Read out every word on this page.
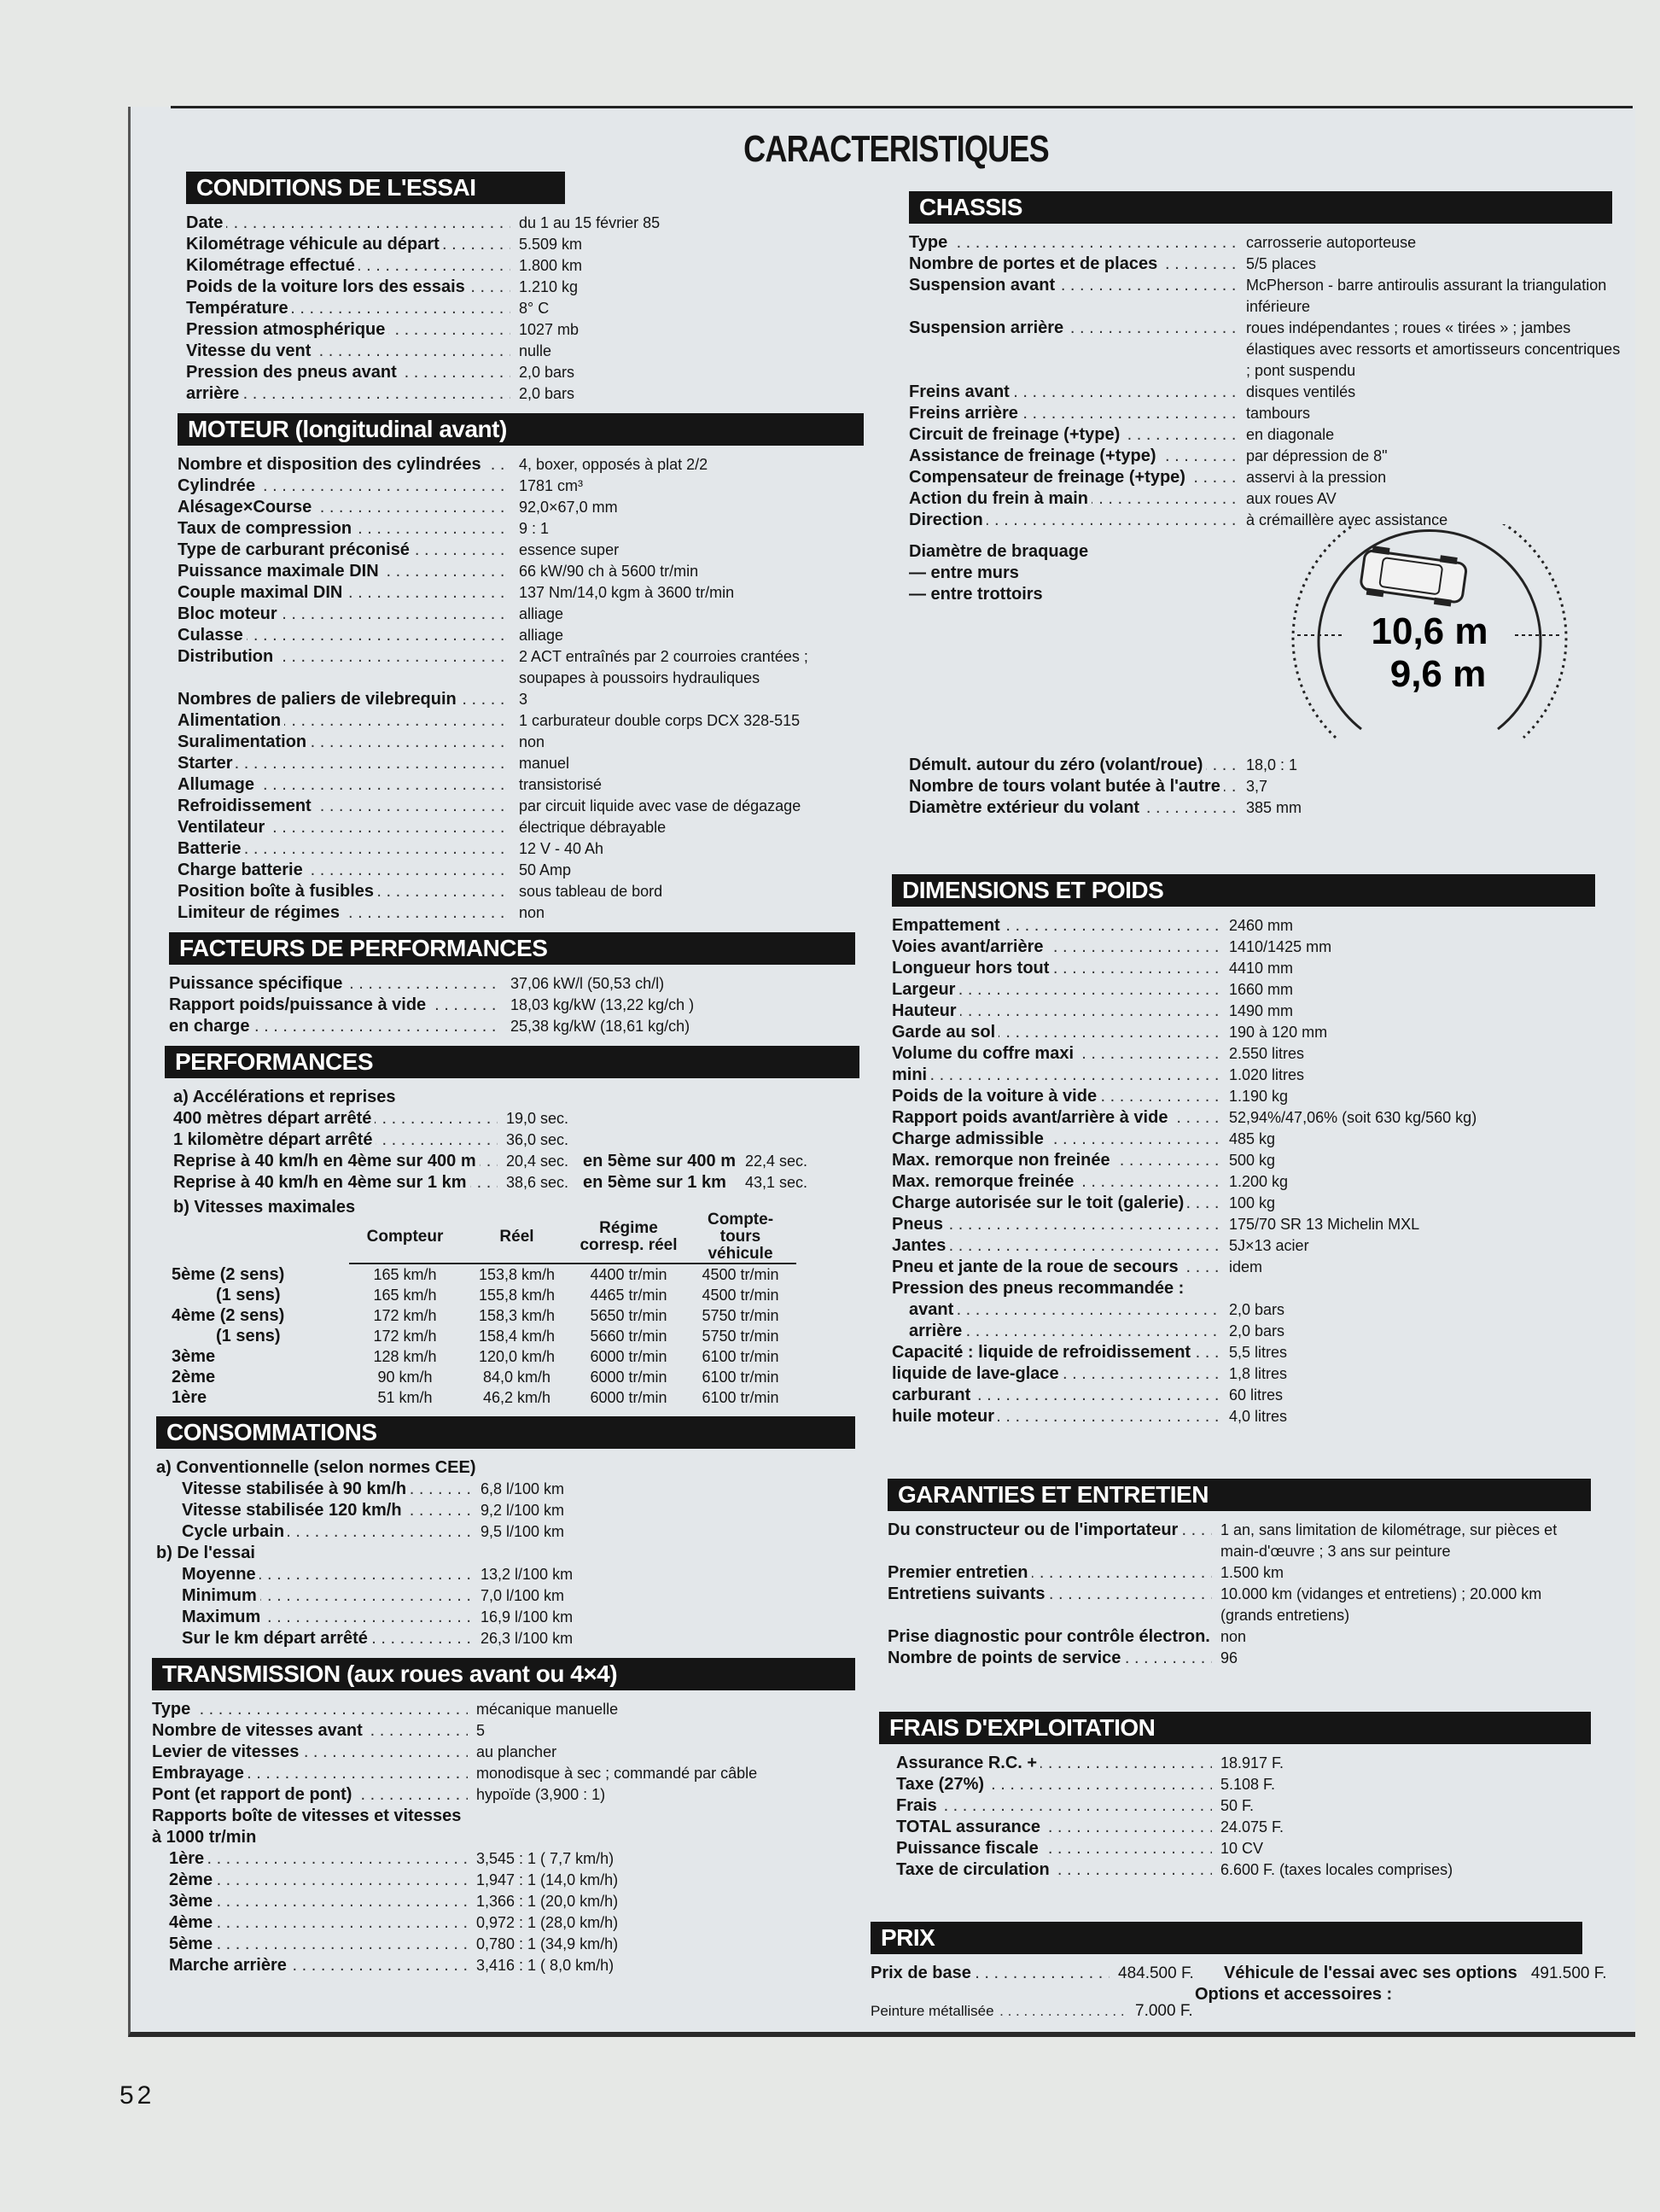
CARACTERISTIQUES
CONDITIONS DE L'ESSAI
Date . . .	du 1 au 15 février 85
Kilométrage véhicule au départ . . .	5.509 km
Kilométrage effectué . . .	1.800 km
Poids de la voiture lors des essais . . .	1.210 kg
Température . . .	8° C
Pression atmosphérique . . .	1027 mb
Vitesse du vent . . .	nulle
Pression des pneus avant . . .	2,0 bars
arrière . . .	2,0 bars
MOTEUR (longitudinal avant)
Nombre et disposition des cylindrées . . .	4, boxer, opposés à plat 2/2
Cylindrée . . .	1781 cm³
Alésage×Course . . .	92,0×67,0 mm
Taux de compression . . .	9 : 1
Type de carburant préconisé . . .	essence super
Puissance maximale DIN . . .	66 kW/90 ch à 5600 tr/min
Couple maximal DIN . . .	137 Nm/14,0 kgm à 3600 tr/min
Bloc moteur . . .	alliage
Culasse . . .	alliage
Distribution . . .	2 ACT entraînés par 2 courroies crantées ; soupapes à poussoirs hydrauliques
Nombres de paliers de vilebrequin . . .	3
Alimentation . . .	1 carburateur double corps DCX 328-515
Suralimentation . . .	non
Starter . . .	manuel
Allumage . . .	transistorisé
Refroidissement . . .	par circuit liquide avec vase de dégazage
Ventilateur . . .	électrique débrayable
Batterie . . .	12 V - 40 Ah
Charge batterie . . .	50 Amp
Position boîte à fusibles . . .	sous tableau de bord
Limiteur de régimes . . .	non
FACTEURS DE PERFORMANCES
Puissance spécifique . . .	37,06 kW/l (50,53 ch/l)
Rapport poids/puissance à vide . . .	18,03 kg/kW (13,22 kg/ch )
en charge . . .	25,38 kg/kW (18,61 kg/ch)
PERFORMANCES
a) Accélérations et reprises
400 mètres départ arrêté . . .	19,0 sec.
1 kilomètre départ arrêté . . .	36,0 sec.
Reprise à 40 km/h en 4ème sur 400 m . . .	20,4 sec. en 5ème sur 400 m 22,4 sec.
Reprise à 40 km/h en 4ème sur 1 km . . .	38,6 sec. en 5ème sur 1 km	43,1 sec.
b) Vitesses maximales
	Compteur	Réel	Régime corresp. réel	Compte-tours véhicule
5ème (2 sens)	165 km/h	153,8 km/h	4400 tr/min	4500 tr/min
(1 sens)	165 km/h	155,8 km/h	4465 tr/min	4500 tr/min
4ème (2 sens)	172 km/h	158,3 km/h	5650 tr/min	5750 tr/min
(1 sens)	172 km/h	158,4 km/h	5660 tr/min	5750 tr/min
3ème	128 km/h	120,0 km/h	6000 tr/min	6100 tr/min
2ème	90 km/h	84,0 km/h	6000 tr/min	6100 tr/min
1ère	51 km/h	46,2 km/h	6000 tr/min	6100 tr/min
CONSOMMATIONS
a) Conventionnelle (selon normes CEE)
Vitesse stabilisée à 90 km/h . . .	6,8 l/100 km
Vitesse stabilisée 120 km/h . . .	9,2 l/100 km
Cycle urbain . . .	9,5 l/100 km
b) De l'essai
Moyenne . . .	13,2 l/100 km
Minimum . . .	7,0 l/100 km
Maximum . . .	16,9 l/100 km
Sur le km départ arrêté . . .	26,3 l/100 km
TRANSMISSION (aux roues avant ou 4×4)
Type . . .	mécanique manuelle
Nombre de vitesses avant . . .	5
Levier de vitesses . . .	au plancher
Embrayage . . .	monodisque à sec ; commandé par câble
Pont (et rapport de pont) . . .	hypoïde (3,900 : 1)
Rapports boîte de vitesses et vitesses à 1000 tr/min
1ère . . .	3,545 : 1 ( 7,7 km/h)
2ème . . .	1,947 : 1 (14,0 km/h)
3ème . . .	1,366 : 1 (20,0 km/h)
4ème . . .	0,972 : 1 (28,0 km/h)
5ème . . .	0,780 : 1 (34,9 km/h)
Marche arrière . . .	3,416 : 1 ( 8,0 km/h)
CHASSIS
Type . . .	carrosserie autoporteuse
Nombre de portes et de places . . .	5/5 places
Suspension avant . . .	McPherson - barre antiroulis assurant la triangulation inférieure
Suspension arrière . . .	roues indépendantes ; roues « tirées » ; jambes élastiques avec ressorts et amortisseurs concentriques ; pont suspendu
Freins avant . . .	disques ventilés
Freins arrière . . .	tambours
Circuit de freinage (+type) . . .	en diagonale
Assistance de freinage (+type) . . .	par dépression de 8"
Compensateur de freinage (+type) . . .	asservi à la pression
Action du frein à main . . .	aux roues AV
Direction . . .	à crémaillère avec assistance
Diamètre de braquage
— entre murs
— entre trottoirs
10,6 m
9,6 m
Démult. autour du zéro (volant/roue) . . .	18,0 : 1
Nombre de tours volant butée à l'autre . . .	3,7
Diamètre extérieur du volant . . .	385 mm
DIMENSIONS ET POIDS
Empattement . . .	2460 mm
Voies avant/arrière . . .	1410/1425 mm
Longueur hors tout . . .	4410 mm
Largeur . . .	1660 mm
Hauteur . . .	1490 mm
Garde au sol . . .	190 à 120 mm
Volume du coffre maxi . . .	2.550 litres
mini . . .	1.020 litres
Poids de la voiture à vide . . .	1.190 kg
Rapport poids avant/arrière à vide . . .	52,94%/47,06% (soit 630 kg/560 kg)
Charge admissible . . .	485 kg
Max. remorque non freinée . . .	500 kg
Max. remorque freinée . . .	1.200 kg
Charge autorisée sur le toit (galerie) . . .	100 kg
Pneus . . .	175/70 SR 13 Michelin MXL
Jantes . . .	5J×13 acier
Pneu et jante de la roue de secours . . .	idem
Pression des pneus recommandée :
avant . . .	2,0 bars
arrière . . .	2,0 bars
Capacité : liquide de refroidissement . . .	5,5 litres
liquide de lave-glace . . .	1,8 litres
carburant . . .	60 litres
huile moteur . . .	4,0 litres
GARANTIES ET ENTRETIEN
Du constructeur ou de l'importateur . . .	1 an, sans limitation de kilométrage, sur pièces et main-d'œuvre ; 3 ans sur peinture
Premier entretien . . .	1.500 km
Entretiens suivants . . .	10.000 km (vidanges et entretiens) ; 20.000 km (grands entretiens)
Prise diagnostic pour contrôle électron. . . . non
Nombre de points de service . . .	96
FRAIS D'EXPLOITATION
Assurance R.C. + . . .	18.917 F.
Taxe (27%) . . .	5.108 F.
Frais . . .	50 F.
TOTAL assurance . . .	24.075 F.
Puissance fiscale . . .	10 CV
Taxe de circulation . . .	6.600 F. (taxes locales comprises)
PRIX
Prix de base . . .	484.500 F.	Véhicule de l'essai avec ses options 491.500 F.
Options et accessoires :
Peinture métallisée . . .	7.000 F.
52
